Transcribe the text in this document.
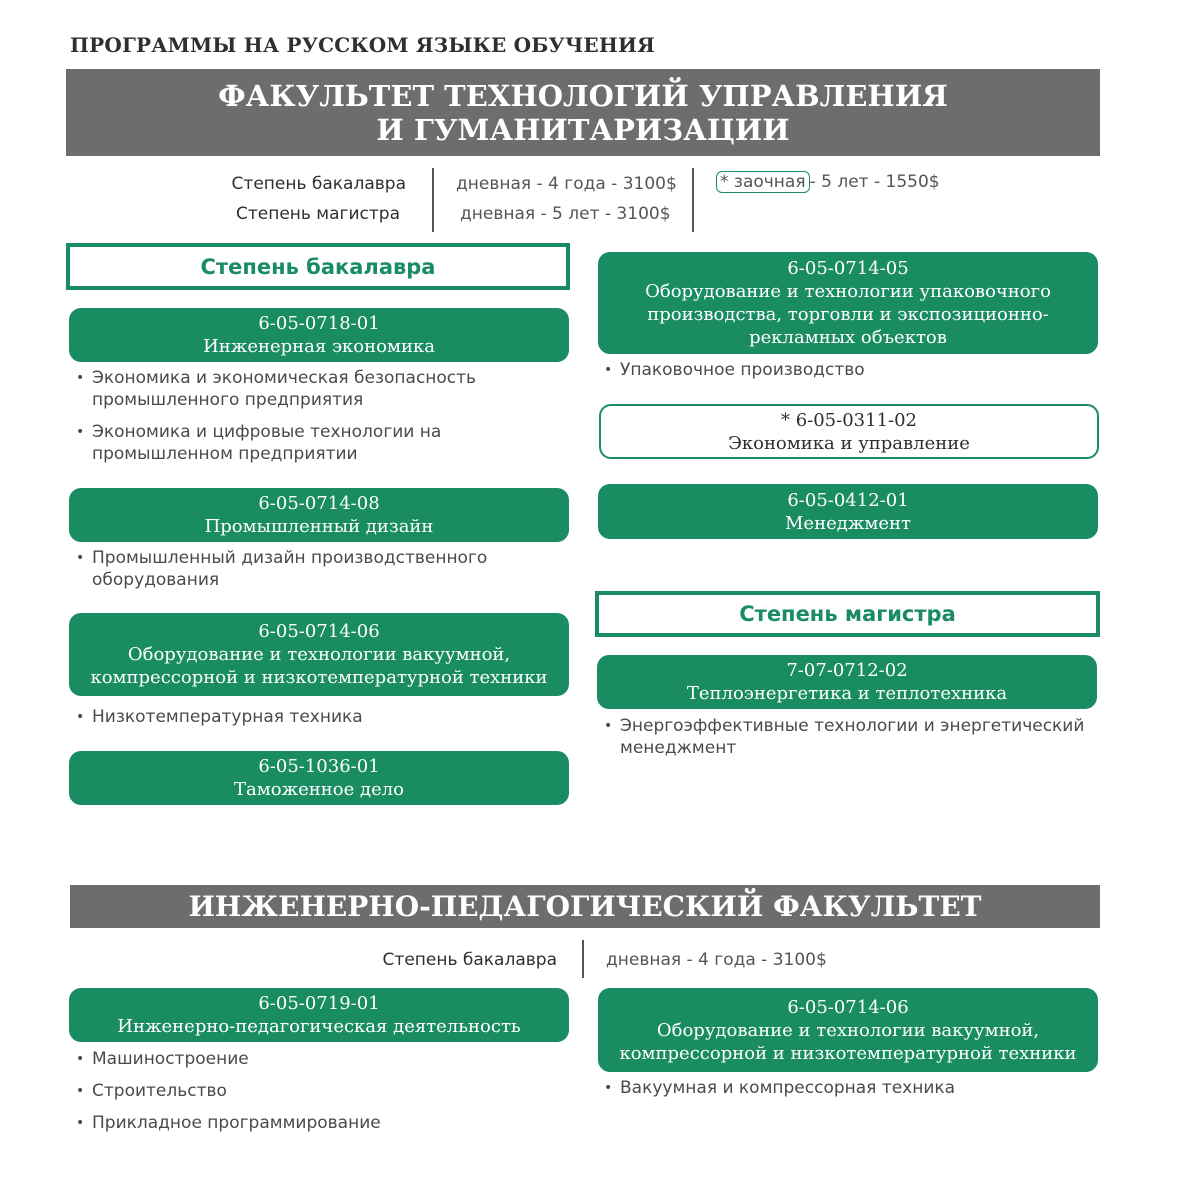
ПРОГРАММЫ НА РУССКОМ ЯЗЫКЕ ОБУЧЕНИЯ
ФАКУЛЬТЕТ ТЕХНОЛОГИЙ УПРАВЛЕНИЯ
И ГУМАНИТАРИЗАЦИИ
Степень бакалавра
Степень магистра
дневная - 4 года - 3100$
дневная - 5 лет - 3100$
* заочная - 5 лет - 1550$
Степень бакалавра
6-05-0718-01
Инженерная экономика
• Экономика и экономическая безопасность
промышленного предприятия
• Экономика и цифровые технологии на
промышленном предприятии
6-05-0714-08
Промышленный дизайн
• Промышленный дизайн производственного
оборудования
6-05-0714-06
Оборудование и технологии вакуумной,
компрессорной и низкотемпературной техники
• Низкотемпературная техника
6-05-1036-01
Таможенное дело
6-05-0714-05
Оборудование и технологии упаковочного
производства, торговли и экспозиционно-
рекламных объектов
• Упаковочное производство
* 6-05-0311-02
Экономика и управление
6-05-0412-01
Менеджмент
Степень магистра
7-07-0712-02
Теплоэнергетика и теплотехника
• Энергоэффективные технологии и энергетический
менеджмент
ИНЖЕНЕРНО-ПЕДАГОГИЧЕСКИЙ ФАКУЛЬТЕТ
Степень бакалавра	дневная - 4 года - 3100$
6-05-0719-01
Инженерно-педагогическая деятельность
• Машиностроение
• Строительство
• Прикладное программирование
6-05-0714-06
Оборудование и технологии вакуумной,
компрессорной и низкотемпературной техники
• Вакуумная и компрессорная техника
